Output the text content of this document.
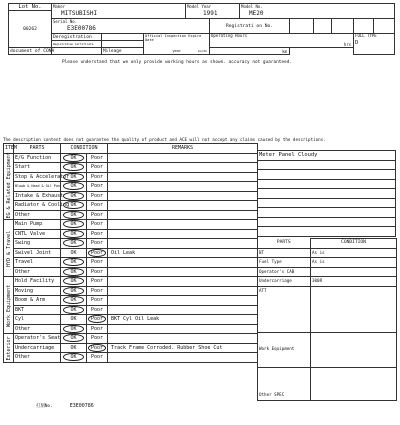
Lot No.	Maker
MITSUBISHI			Model Year
1991		Model No.
ME20						

00262												

	Serial No.
E3E00786				Registrati on No.						

	Deregistration		Official Inspection Expire Date
year month		Operating Hours
hrs					FULL TYPE
D		

	Registration Certificate											
document of CONA		Mileage km										
Please understand that we only provide working hours as shown. accuracy not guaranteed.
The description content does not guarantee the quality of product and ACE will not accept any claims caused by the descriptions.
ITEM	PARTS	CONDITION		REMARKS
EG & Related Equipment	E/G Function	OK	Poor	
	Start	OK	Poor	
	Stop & Accelerator	OK	Poor	
	Blowb & Head & Oil Pan	OK	Poor	
	Intake & Exhaust	OK	Poor	
	Radiator & Cooling	OK	Poor	
	Other	OK	Poor	
HYD & Travel	Main Pump	OK	Poor	
	CNTL Valve	OK	Poor	
	Swing	OK	Poor	
	Swivel Joint	OK	Poor	Oil Leak
	Travel	OK	Poor	
	Other	OK	Poor	
Work Equipment	Hold Facility	OK	Poor	
	Moving	OK	Poor	
	Boom & Arm	OK	Poor	
	BKT	OK	Poor	
	Cyl	OK	Poor	BKT Cyl Oil Leak
	Other	OK	Poor	
Exterior	Operator's Seat	OK	Poor	
	Undercarriage	OK	Poor	Track Frame Corroded. Rubber Shoe Cut
	Other	OK	Poor	
Meter Panel Cloudy

PARTS	CONDITION
BT	As is
Fuel Type	As is
Operator's CAB	
Undercarriage	300R
ATT	
Work Equipment	
Other SPEC	
打刻No.	E3E00786
